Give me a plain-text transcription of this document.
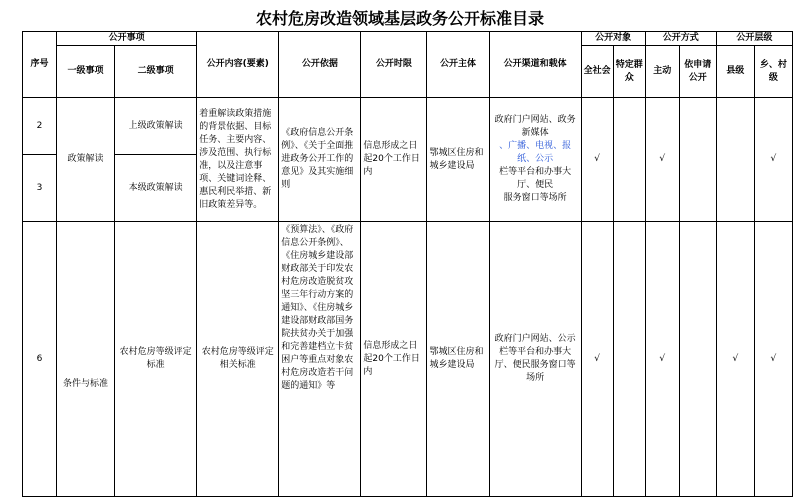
农村危房改造领域基层政务公开标准目录
序号	公开事项		公开内容(要素)	公开依据	公开时限	公开主体	公开渠道和载体	公开对象		公开方式		公开层级	
	一级事项	二级事项						全社会	特定群众	主动	依申请公开	县级	乡、村级
2	政策解读	上级政策解读	着重解读政策措施的背景依据、目标任务、主要内容、涉及范围、执行标准，以及注意事项、关键词诠释、惠民利民举措、新旧政策差异等。	《政府信息公开条例》、《关于全面推进政务公开工作的意见》及其实施细则	信息形成之日起20个工作日内	鄂城区住房和城乡建设局	政府门户网站、政务新媒体
、广播、电视、报纸、公示
栏等平台和办事大厅、便民
服务窗口等场所	√		√			√
3		本级政策解读											
6	条件与标准	农村危房等级评定标准	农村危房等级评定相关标准	《预算法》、《政府信息公开条例》、《住房城乡建设部财政部关于印发农村危房改造脱贫攻坚三年行动方案的通知》、《住房城乡建设部财政部国务院扶贫办关于加强和完善建档立卡贫困户等重点对象农村危房改造若干问题的通知》等	信息形成之日起20个工作日内	鄂城区住房和城乡建设局	政府门户网站、公示栏等平台和办事大厅、便民服务窗口等场所	√		√		√	√
